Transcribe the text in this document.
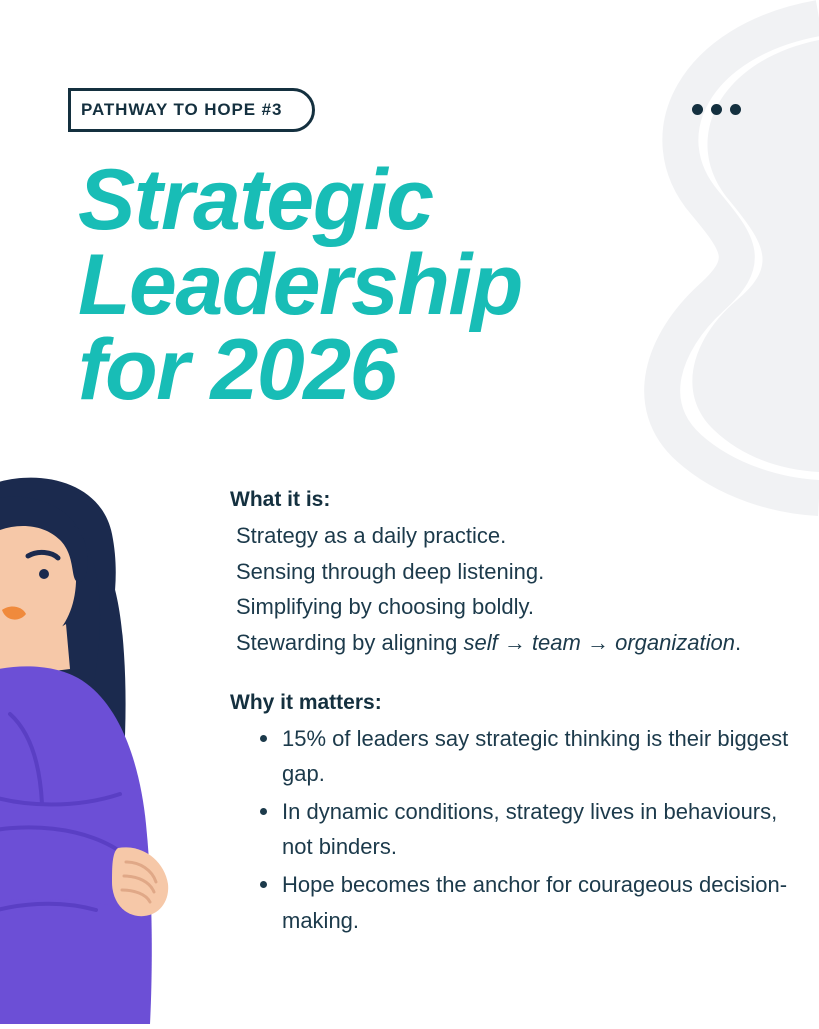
PATHWAY TO HOPE #3
Strategic
Leadership
for 2026
What it is:
Strategy as a daily practice.
Sensing through deep listening.
Simplifying by choosing boldly.
Stewarding by aligning self → team → organization.
Why it matters:
15% of leaders say strategic thinking is their biggest gap.
In dynamic conditions, strategy lives in behaviours, not binders.
Hope becomes the anchor for courageous decision-making.
